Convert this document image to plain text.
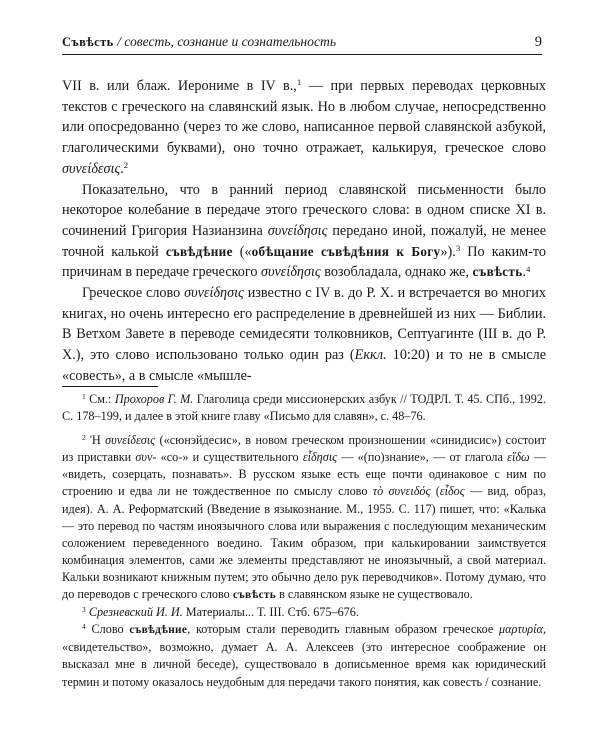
Съвѣсть / совесть, сознание и сознательность	9

VII в. или блаж. Иерониме в IV в.,$^1$ — при первых переводах церковных текстов с греческого на славянский язык. Но в любом случае, непосредственно или опосредованно (через то же слово, написанное первой славянской азбукой, глаголическими буквами), оно точно отражает, калькируя, греческое слово συνείδεσις.$^2$

Показательно, что в ранний период славянской письменности было некоторое колебание в передаче этого греческого слова: в одном списке XI в. сочинений Григория Назианзина συνείδησις передано иной, пожалуй, не менее точной калькой съвѣдѣние («обѣщание съвѣдѣния к Богу»).$^3$ По каким-то причинам в передаче греческого συνείδησις возобладала, однако же, съвѣсть.$^4$

Греческое слово συνείδησις известно с IV в. до Р. Х. и встречается во многих книгах, но очень интересно его распределение в древнейшей из них — Библии. В Ветхом Завете в переводе семидесяти толковников, Септуагинте (III в. до Р. Х.), это слово использовано только один раз (Еккл. 10:20) и то не в смысле «совесть», а в смысле «мышле-

$^1$ См.: Прохоров Г. М. Глаголица среди миссионерских азбук // ТОДРЛ. Т. 45. СПб., 1992. С. 178–199, и далее в этой книге главу «Письмо для славян», с. 48–76.

$^2$ Ἡ συνείδεσις («сюнэйдесис», в новом греческом произношении «синидисис») состоит из приставки συν- «со-» и существительного εἶδησις — «(по)знание», — от глагола εἴδω — «видеть, созерцать, познавать». В русском языке есть еще почти одинаковое с ним по строению и едва ли не тождественное по смыслу слово τὸ συνειδός (εἶδος — вид, образ, идея). А. А. Реформатский (Введение в языкознание. М., 1955. С. 117) пишет, что: «Калька — это перевод по частям иноязычного слова или выражения с последующим механическим соложением переведенного воедино. Таким образом, при калькировании заимствуется комбинация элементов, сами же элементы представляют не иноязычный, а свой материал. Кальки возникают книжным путем; это обычно дело рук переводчиков». Потому думаю, что до переводов с греческого слово съвѣсть в славянском языке не существовало.

$^3$ Срезневский И. И. Материалы... Т. III. Стб. 675–676.

$^4$ Слово съвѣдѣние, которым стали переводить главным образом греческое μαρτυρία, «свидетельство», возможно, думает А. А. Алексеев (это интересное соображение он высказал мне в личной беседе), существовало в дописьменное время как юридический термин и потому оказалось неудобным для передачи такого понятия, как совесть / сознание.
